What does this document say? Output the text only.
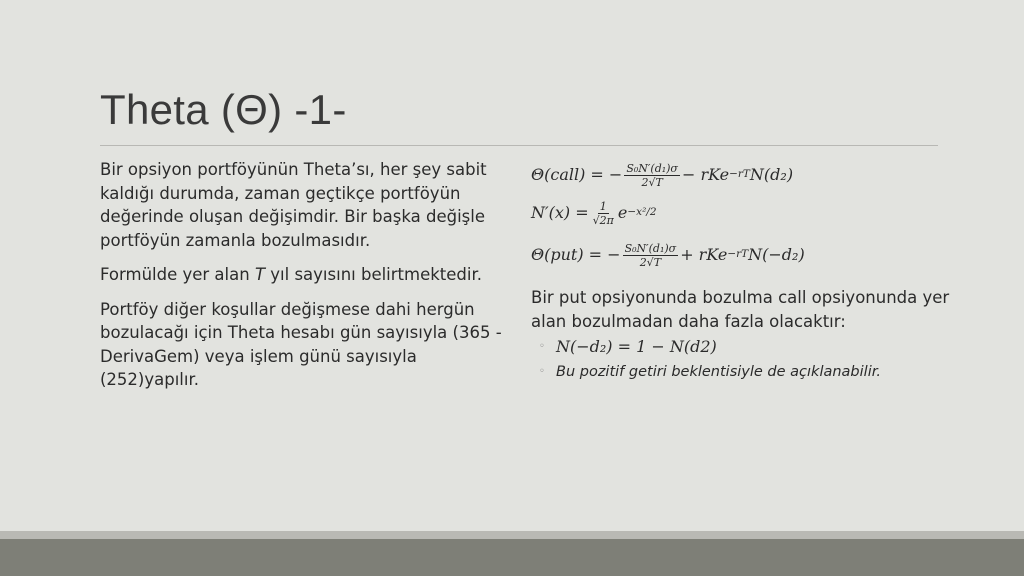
Theta (Θ) -1-

Bir opsiyon portföyünün Theta’sı, her şey sabit kaldığı durumda, zaman geçtikçe portföyün değerinde oluşan değişimdir. Bir başka değişle portföyün zamanla bozulmasıdır.

Formülde yer alan T yıl sayısını belirtmektedir.

Portföy diğer koşullar değişmese dahi hergün bozulacağı için Theta hesabı gün sayısıyla (365 - DerivaGem) veya işlem günü sayısıyla (252)yapılır.

Θ(call) = − $\frac{\text{S₀N′(d₁)σ}}{2√T}$ − rKe −rT N(d₂)
$N'(x) = \frac{1}{√2\pi}$ e −x²/2
Θ(put) = − $\frac{\text{S₀N′(d₁)σ}}{2√T}$ + rKe −rT N(−d₂)
Bir put opsiyonunda bozulma call opsiyonunda yer alan bozulmadan daha fazla olacaktır:
◦ N(−d₂) = 1 − N(d2)
◦ Bu pozitif getiri beklentisiyle de açıklanabilir.
